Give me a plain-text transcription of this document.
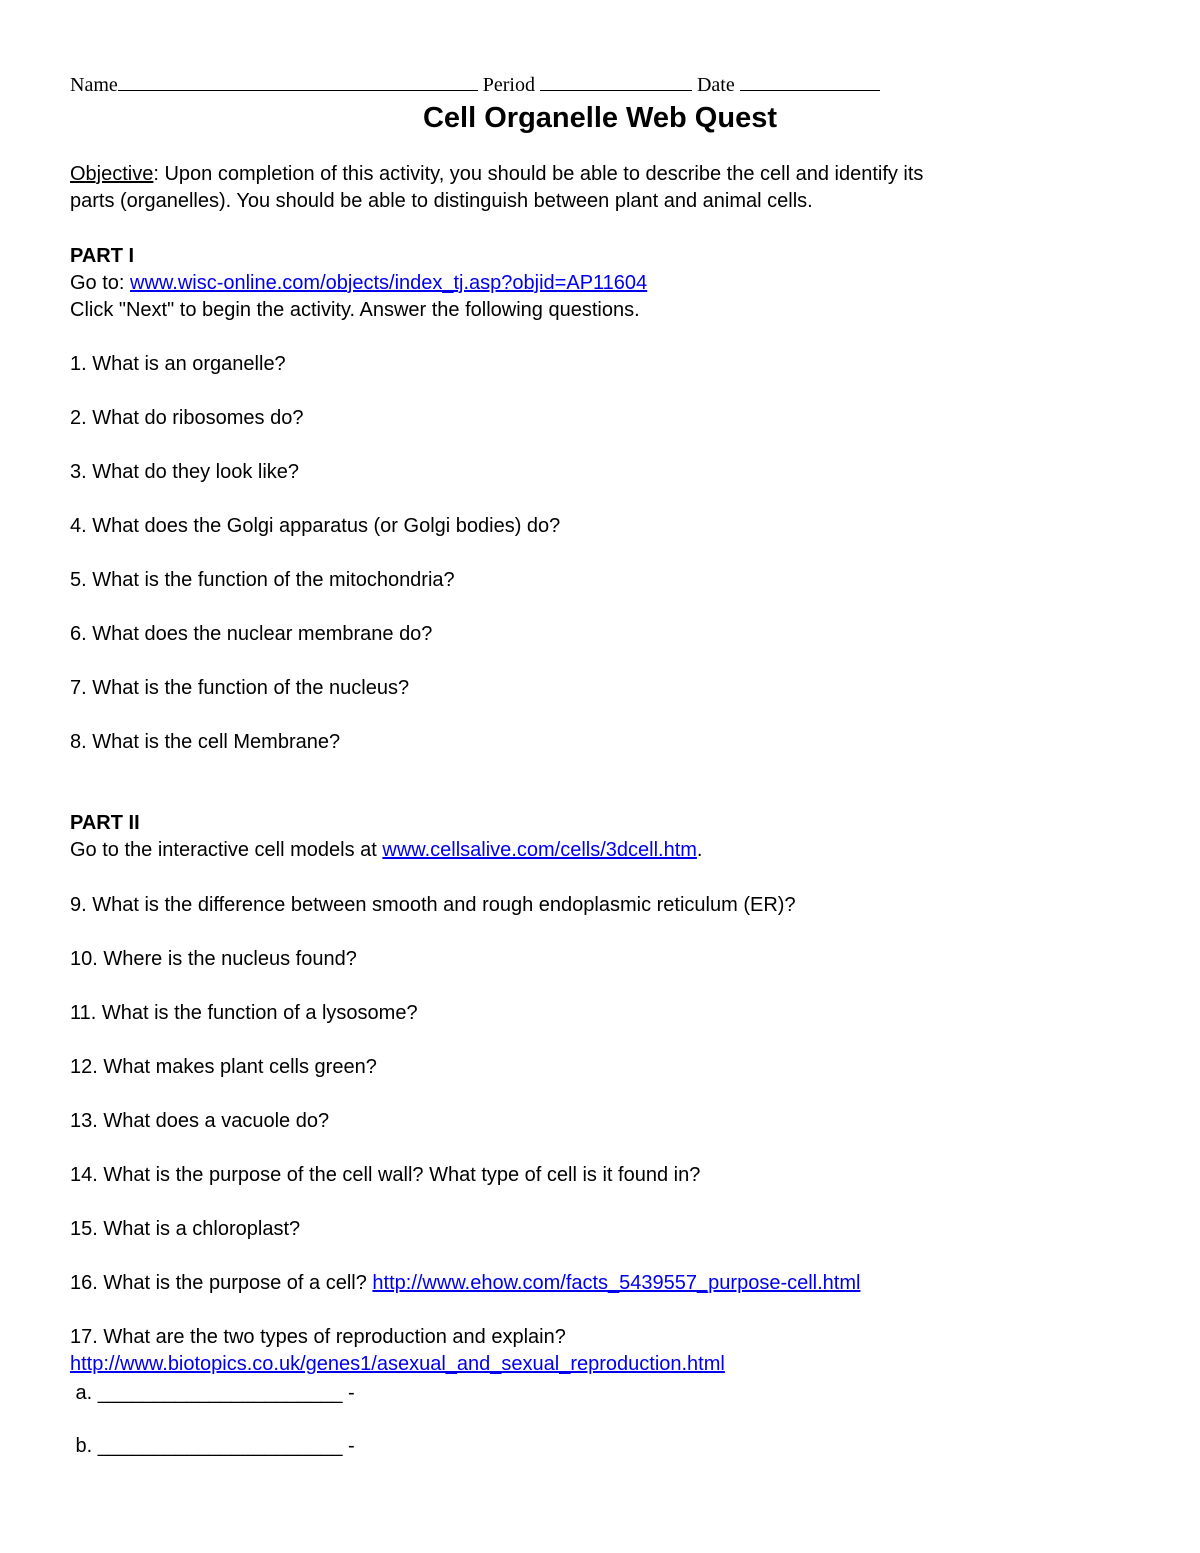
Name	Period	Date
Cell Organelle Web Quest
Objective: Upon completion of this activity, you should be able to describe the cell and identify its
parts (organelles). You should be able to distinguish between plant and animal cells.
PART I
Go to: www.wisc-online.com/objects/index_tj.asp?objid=AP11604
Click "Next" to begin the activity. Answer the following questions.
1. What is an organelle?
2. What do ribosomes do?
3. What do they look like?
4. What does the Golgi apparatus (or Golgi bodies) do?
5. What is the function of the mitochondria?
6. What does the nuclear membrane do?
7. What is the function of the nucleus?
8. What is the cell Membrane?
PART II
Go to the interactive cell models at www.cellsalive.com/cells/3dcell.htm.
9. What is the difference between smooth and rough endoplasmic reticulum (ER)?
10. Where is the nucleus found?
11. What is the function of a lysosome?
12. What makes plant cells green?
13. What does a vacuole do?
14. What is the purpose of the cell wall? What type of cell is it found in?
15. What is a chloroplast?
16. What is the purpose of a cell? http://www.ehow.com/facts_5439557_purpose-cell.html
17. What are the two types of reproduction and explain?
http://www.biotopics.co.uk/genes1/asexual_and_sexual_reproduction.html
a. ______________________ -
b. ______________________ -
